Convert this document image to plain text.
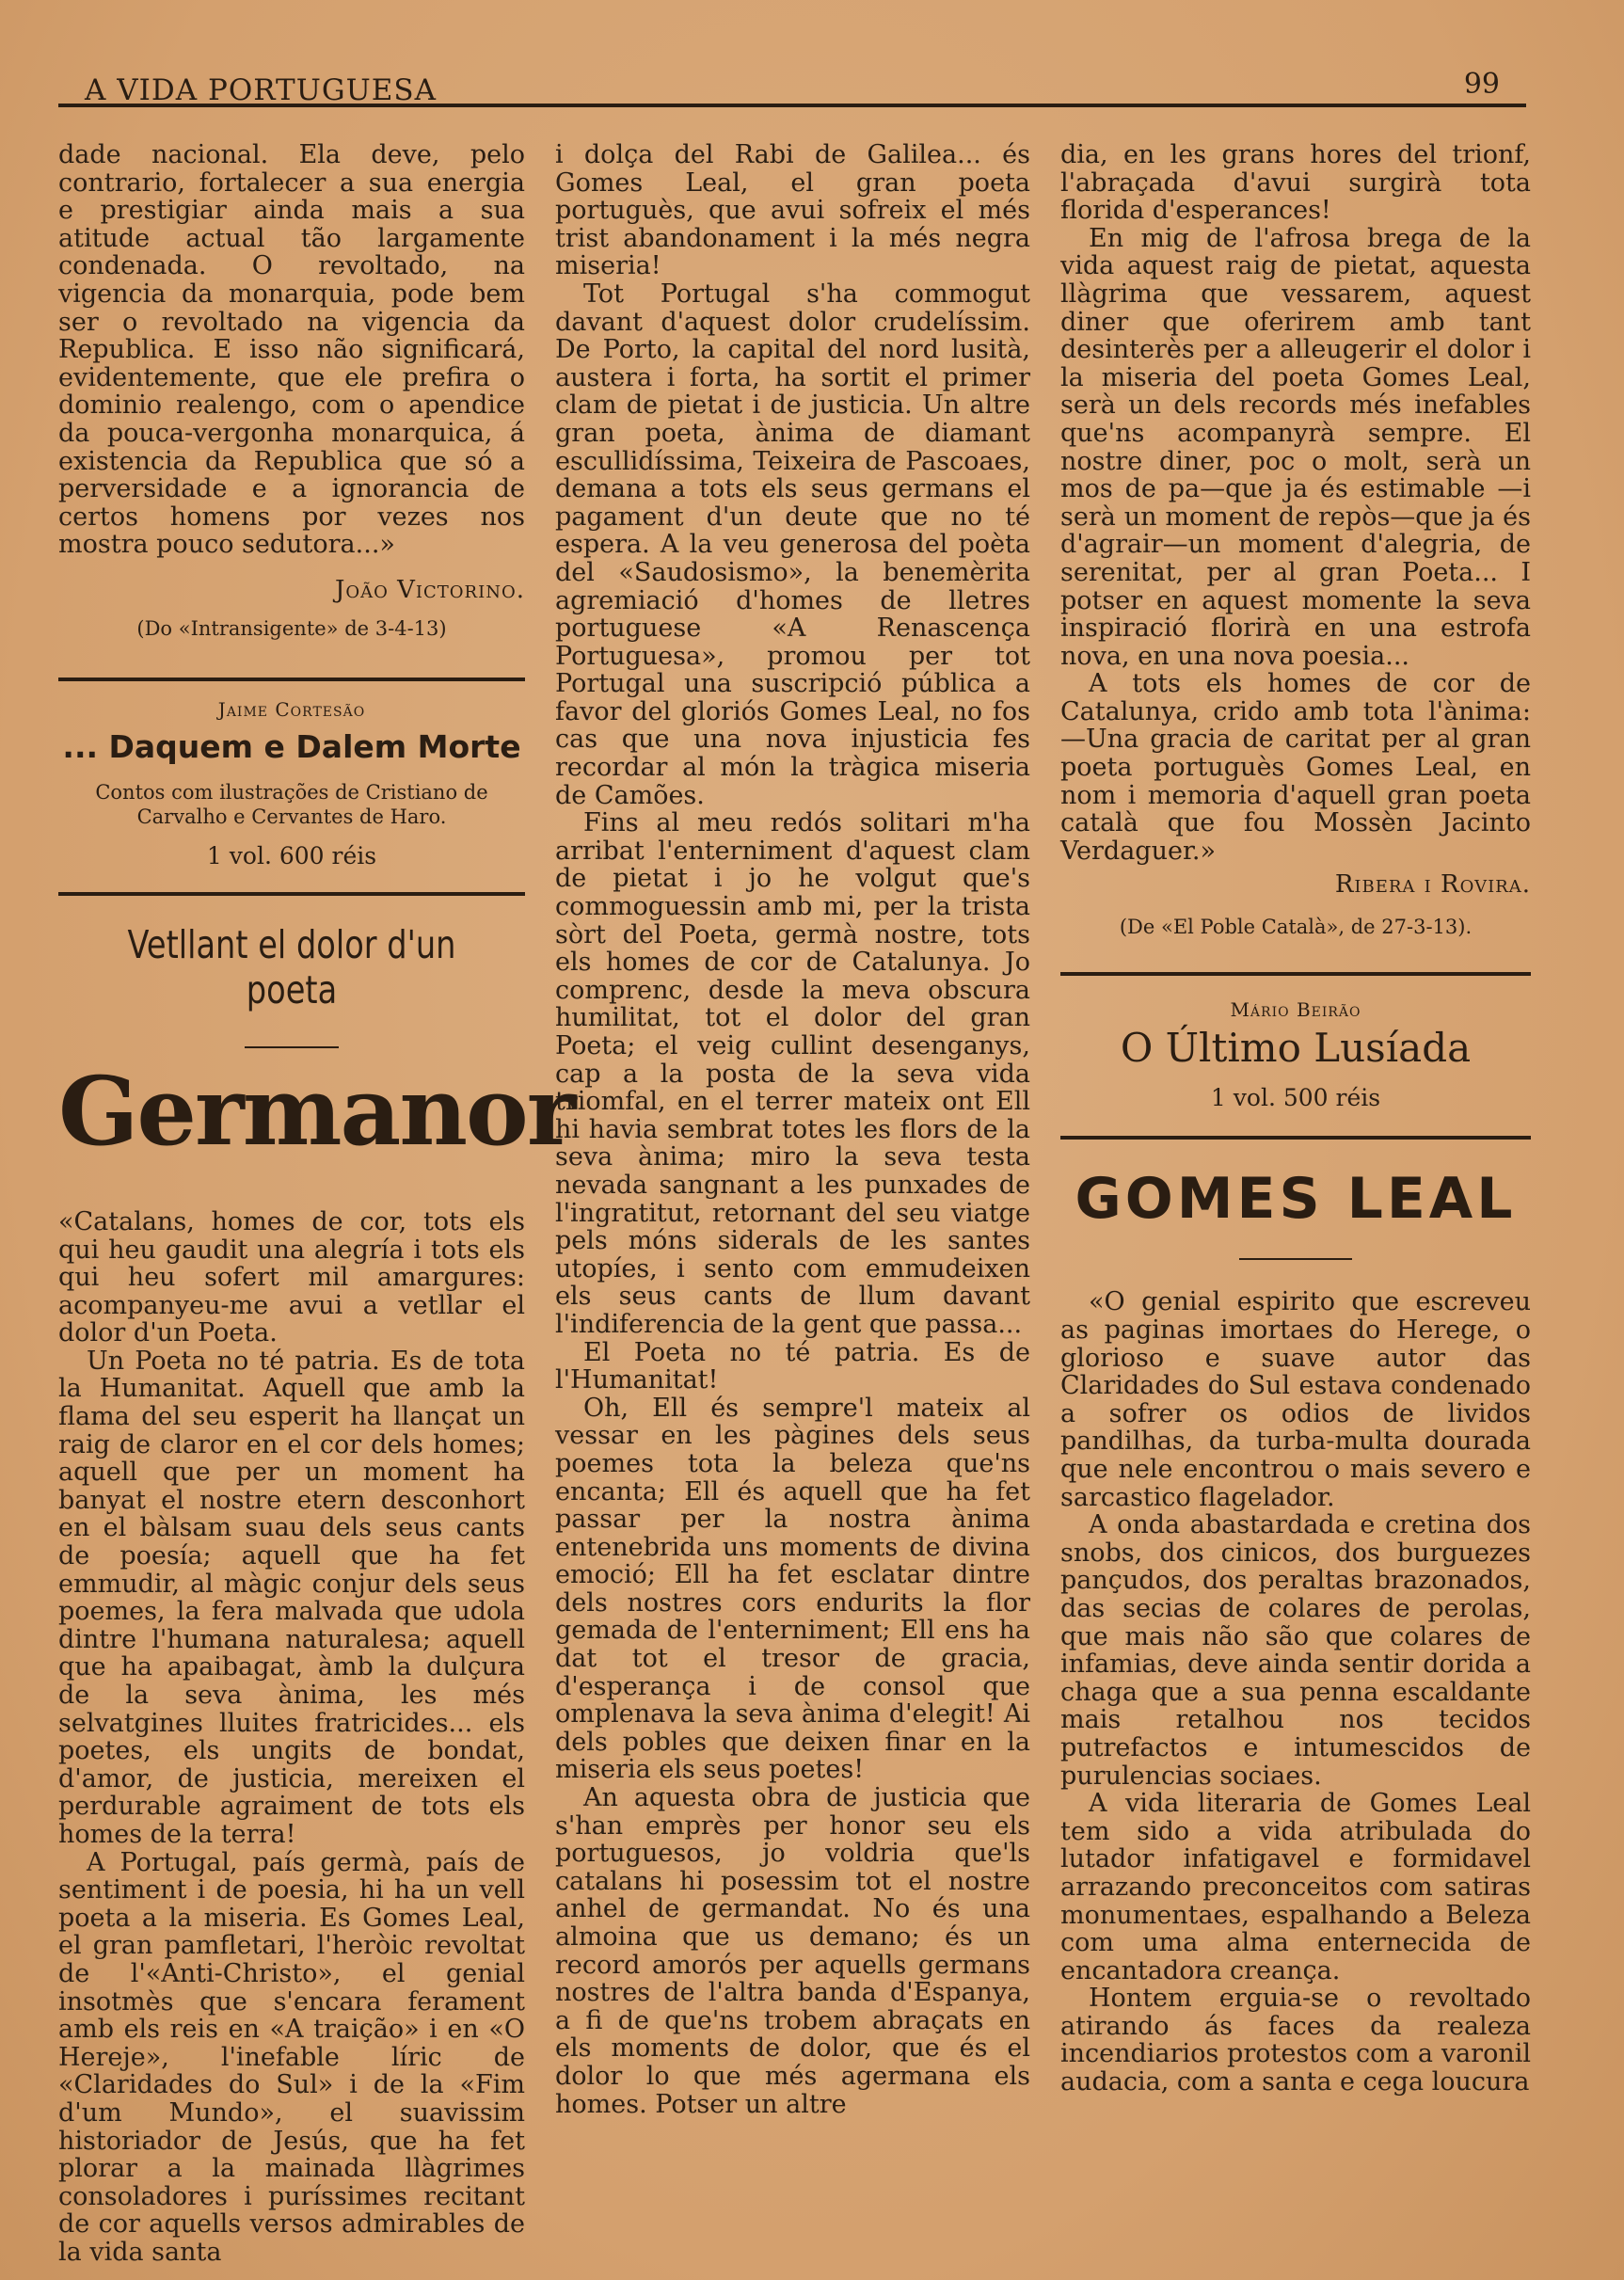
A VIDA PORTUGUESA	99

dade nacional. Ela deve, pelo contrario, fortalecer a sua energia e prestigiar ainda mais a sua atitude actual tão largamente condenada. O revoltado, na vigencia da monarquia, pode bem ser o revoltado na vigencia da Republica. E isso não significará, evidentemente, que ele prefira o dominio realengo, com o apendice da pouca-vergonha monarquica, á existencia da Republica que só a perversidade e a ignorancia de certos homens por vezes nos mostra pouco sedutora...»

João Victorino.
(Do «Intransigente» de 3-4-13)
Jaime Cortesão
... Daquem e Dalem Morte
Contos com ilustrações de Cristiano de Carvalho e Cervantes de Haro.
1 vol. 600 réis
Vetllant el dolor d'un poeta
Germanor

«Catalans, homes de cor, tots els qui heu gaudit una alegría i tots els qui heu sofert mil amargures: acompanyeu-me avui a vetllar el dolor d'un Poeta.

Un Poeta no té patria. Es de tota la Humanitat. Aquell que amb la flama del seu esperit ha llançat un raig de claror en el cor dels homes; aquell que per un moment ha banyat el nostre etern desconhort en el bàlsam suau dels seus cants de poesía; aquell que ha fet emmudir, al màgic conjur dels seus poemes, la fera malvada que udola dintre l'humana naturalesa; aquell que ha apaibagat, àmb la dulçura de la seva ànima, les més selvatgines lluites fratricides... els poetes, els ungits de bondat, d'amor, de justicia, mereixen el perdurable agraiment de tots els homes de la terra!

A Portugal, país germà, país de sentiment i de poesia, hi ha un vell poeta a la miseria. Es Gomes Leal, el gran pamfletari, l'heròic revoltat de l'«Anti-Christo», el genial insotmès que s'encara ferament amb els reis en «A traição» i en «O Hereje», l'inefable líric de «Claridades do Sul» i de la «Fim d'um Mundo», el suavissim historiador de Jesús, que ha fet plorar a la mainada llàgrimes consoladores i puríssimes recitant de cor aquells versos admirables de la vida santa

i dolça del Rabi de Galilea... és Gomes Leal, el gran poeta portuguès, que avui sofreix el més trist abandonament i la més negra miseria!

Tot Portugal s'ha commogut davant d'aquest dolor crudelíssim. De Porto, la capital del nord lusità, austera i forta, ha sortit el primer clam de pietat i de justicia. Un altre gran poeta, ànima de diamant escullidíssima, Teixeira de Pascoaes, demana a tots els seus germans el pagament d'un deute que no té espera. A la veu generosa del poèta del «Saudosismo», la benemèrita agremiació d'homes de lletres portuguese «A Renascença Portuguesa», promou per tot Portugal una suscripció pública a favor del gloriós Gomes Leal, no fos cas que una nova injusticia fes recordar al món la tràgica miseria de Camões.

Fins al meu redós solitari m'ha arribat l'enterniment d'aquest clam de pietat i jo he volgut que's commoguessin amb mi, per la trista sòrt del Poeta, germà nostre, tots els homes de cor de Catalunya. Jo comprenc, desde la meva obscura humilitat, tot el dolor del gran Poeta; el veig cullint desenganys, cap a la posta de la seva vida triomfal, en el terrer mateix ont Ell hi havia sembrat totes les flors de la seva ànima; miro la seva testa nevada sangnant a les punxades de l'ingratitut, retornant del seu viatge pels móns siderals de les santes utopíes, i sento com emmudeixen els seus cants de llum davant l'indiferencia de la gent que passa...

El Poeta no té patria. Es de l'Humanitat!

Oh, Ell és sempre'l mateix al vessar en les pàgines dels seus poemes tota la beleza que'ns encanta; Ell és aquell que ha fet passar per la nostra ànima entenebrida uns moments de divina emoció; Ell ha fet esclatar dintre dels nostres cors endurits la flor gemada de l'enterniment; Ell ens ha dat tot el tresor de gracia, d'esperança i de consol que omplenava la seva ànima d'elegit! Ai dels pobles que deixen finar en la miseria els seus poetes!

An aquesta obra de justicia que s'han emprès per honor seu els portuguesos, jo voldria que'ls catalans hi posessim tot el nostre anhel de germandat. No és una almoina que us demano; és un record amorós per aquells germans nostres de l'altra banda d'Espanya, a fi de que'ns trobem abraçats en els moments de dolor, que és el dolor lo que més agermana els homes. Potser un altre

dia, en les grans hores del trionf, l'abraçada d'avui surgirà tota florida d'esperances!

En mig de l'afrosa brega de la vida aquest raig de pietat, aquesta llàgrima que vessarem, aquest diner que oferirem amb tant desinterès per a alleugerir el dolor i la miseria del poeta Gomes Leal, serà un dels records més inefables que'ns acompanyrà sempre. El nostre diner, poc o molt, serà un mos de pa—que ja és estimable —i serà un moment de repòs—que ja és d'agrair—un moment d'alegria, de serenitat, per al gran Poeta... I potser en aquest momente la seva inspiració florirà en una estrofa nova, en una nova poesia...

A tots els homes de cor de Catalunya, crido amb tota l'ànima:—Una gracia de caritat per al gran poeta portuguès Gomes Leal, en nom i memoria d'aquell gran poeta català que fou Mossèn Jacinto Verdaguer.»

Ribera i Rovira.
(De «El Poble Català», de 27-3-13).
Mário Beirão
O Último Lusíada
1 vol. 500 réis
GOMES LEAL

«O genial espirito que escreveu as paginas imortaes do Herege, o glorioso e suave autor das Claridades do Sul estava condenado a sofrer os odios de lividos pandilhas, da turba-multa dourada que nele encontrou o mais severo e sarcastico flagelador.

A onda abastardada e cretina dos snobs, dos cinicos, dos burguezes pançudos, dos peraltas brazonados, das secias de colares de perolas, que mais não são que colares de infamias, deve ainda sentir dorida a chaga que a sua penna escaldante mais retalhou nos tecidos putrefactos e intumescidos de purulencias sociaes.

A vida literaria de Gomes Leal tem sido a vida atribulada do lutador infatigavel e formidavel arrazando preconceitos com satiras monumentaes, espalhando a Beleza com uma alma enternecida de encantadora creança.

Hontem erguia-se o revoltado atirando ás faces da realeza incendiarios protestos com a varonil audacia, com a santa e cega loucura
